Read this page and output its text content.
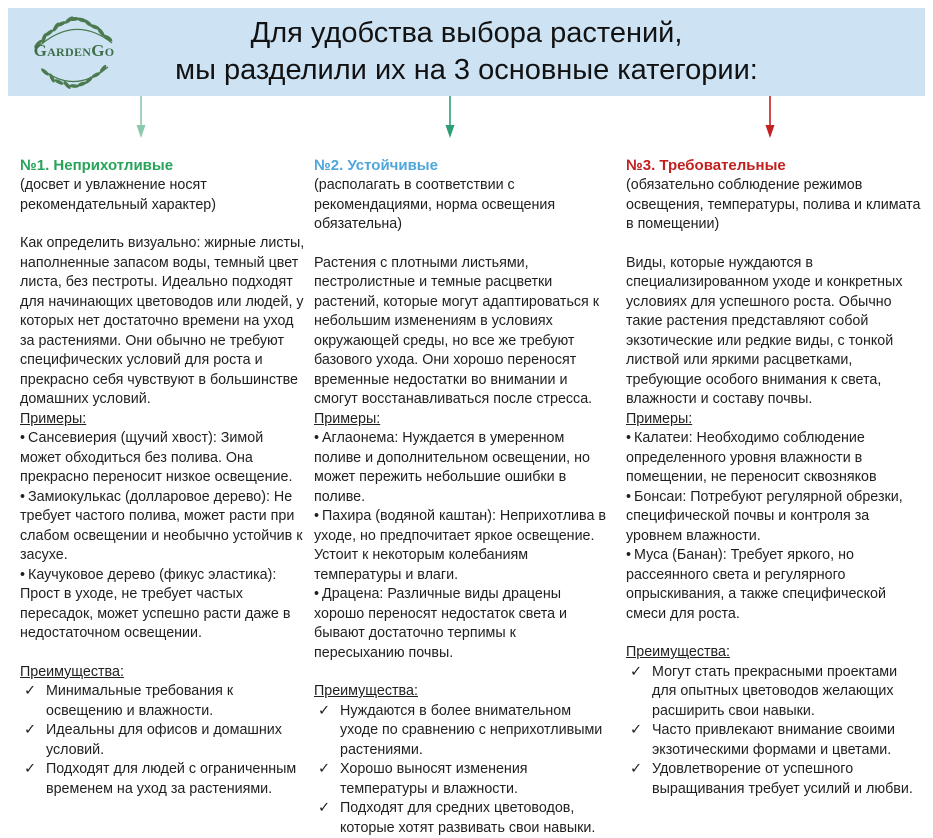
GARDENGO
Для удобства выбора растений,
мы разделили их на 3 основные категории:
№1. Неприхотливые

(досвет и увлажнение носят рекомендательный характер)

Как определить визуально: жирные листы, наполненные запасом воды, темный цвет листа, без пестроты. Идеально подходят для начинающих цветоводов или людей, у которых нет достаточно времени на уход за растениями. Они обычно не требуют специфических условий для роста и прекрасно себя чувствуют в большинстве домашних условий.

Примеры:

• Сансевиерия (щучий хвост): Зимой может обходиться без полива. Она прекрасно переносит низкое освещение.

• Замиокулькас (долларовое дерево): Не требует частого полива, может расти при слабом освещении и необычно устойчив к засухе.

• Каучуковое дерево (фикус эластика): Прост в уходе, не требует частых пересадок, может успешно расти даже в недостаточном освещении.

Преимущества:

✓ Минимальные требования к освещению и влажности.
✓ Идеальны для офисов и домашних условий.
✓ Подходят для людей с ограниченным временем на уход за растениями.
№2. Устойчивые

(располагать в соответствии с рекомендациями, норма освещения обязательна)

Растения с плотными листьями, пестролистные и темные расцветки растений, которые могут адаптироваться к небольшим изменениям в условиях окружающей среды, но все же требуют базового ухода. Они хорошо переносят временные недостатки во внимании и смогут восстанавливаться после стресса.

Примеры:

• Аглаонема: Нуждается в умеренном поливе и дополнительном освещении, но может пережить небольшие ошибки в поливе.

• Пахира (водяной каштан): Неприхотлива в уходе, но предпочитает яркое освещение. Устоит к некоторым колебаниям температуры и влаги.

• Драцена: Различные виды драцены хорошо переносят недостаток света и бывают достаточно терпимы к пересыханию почвы.

Преимущества:

✓ Нуждаются в более внимательном уходе по сравнению с неприхотливыми растениями.
✓ Хорошо выносят изменения температуры и влажности.
✓ Подходят для средних цветоводов, которые хотят развивать свои навыки.
№3. Требовательные

(обязательно соблюдение режимов освещения, температуры, полива и климата в помещении)

Виды, которые нуждаются в специализированном уходе и конкретных условиях для успешного роста. Обычно такие растения представляют собой экзотические или редкие виды, с тонкой листвой или яркими расцветками, требующие особого внимания к света, влажности и составу почвы.

Примеры:

• Калатеи: Необходимо соблюдение определенного уровня влажности в помещении, не переносит сквозняков

• Бонсаи: Потребуют регулярной обрезки, специфической почвы и контроля за уровнем влажности.

• Муса (Банан): Требует яркого, но рассеянного света и регулярного опрыскивания, а также специфической смеси для роста.

Преимущества:

✓ Могут стать прекрасными проектами для опытных цветоводов желающих расширить свои навыки.
✓ Часто привлекают внимание своими экзотическими формами и цветами.
✓ Удовлетворение от успешного выращивания требует усилий и любви.
